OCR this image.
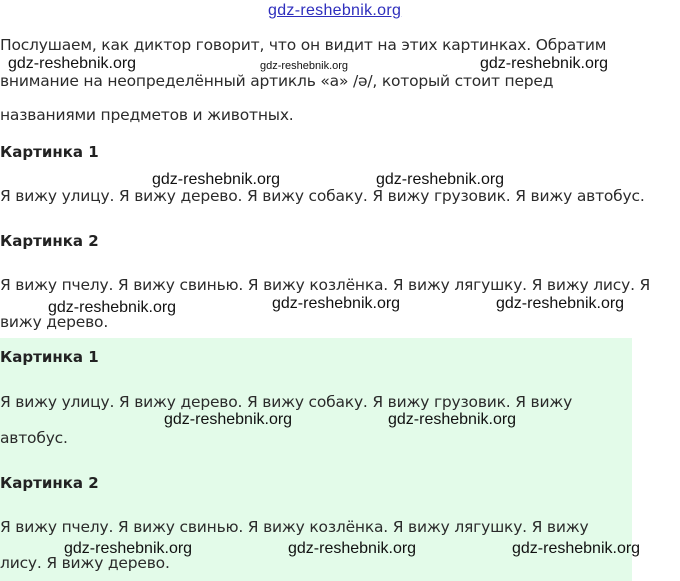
gdz-reshebnik.org
Послушаем, как диктор говорит, что он видит на этих картинках. Обратим
внимание на неопределённый артикль «a» /ə/, который стоит перед
названиями предметов и животных.
Картинка 1
Я вижу улицу. Я вижу дерево. Я вижу собаку. Я вижу грузовик. Я вижу автобус.
Картинка 2
Я вижу пчелу. Я вижу свинью. Я вижу козлёнка. Я вижу лягушку. Я вижу лису. Я
вижу дерево.
Картинка 1
Я вижу улицу. Я вижу дерево. Я вижу собаку. Я вижу грузовик. Я вижу
автобус.
Картинка 2
Я вижу пчелу. Я вижу свинью. Я вижу козлёнка. Я вижу лягушку. Я вижу
лису. Я вижу дерево.
gdz-reshebnik.org	gdz-reshebnik.org	gdz-reshebnik.org
gdz-reshebnik.org	gdz-reshebnik.org
gdz-reshebnik.org	gdz-reshebnik.org	gdz-reshebnik.org
gdz-reshebnik.org	gdz-reshebnik.org
gdz-reshebnik.org	gdz-reshebnik.org	gdz-reshebnik.org
